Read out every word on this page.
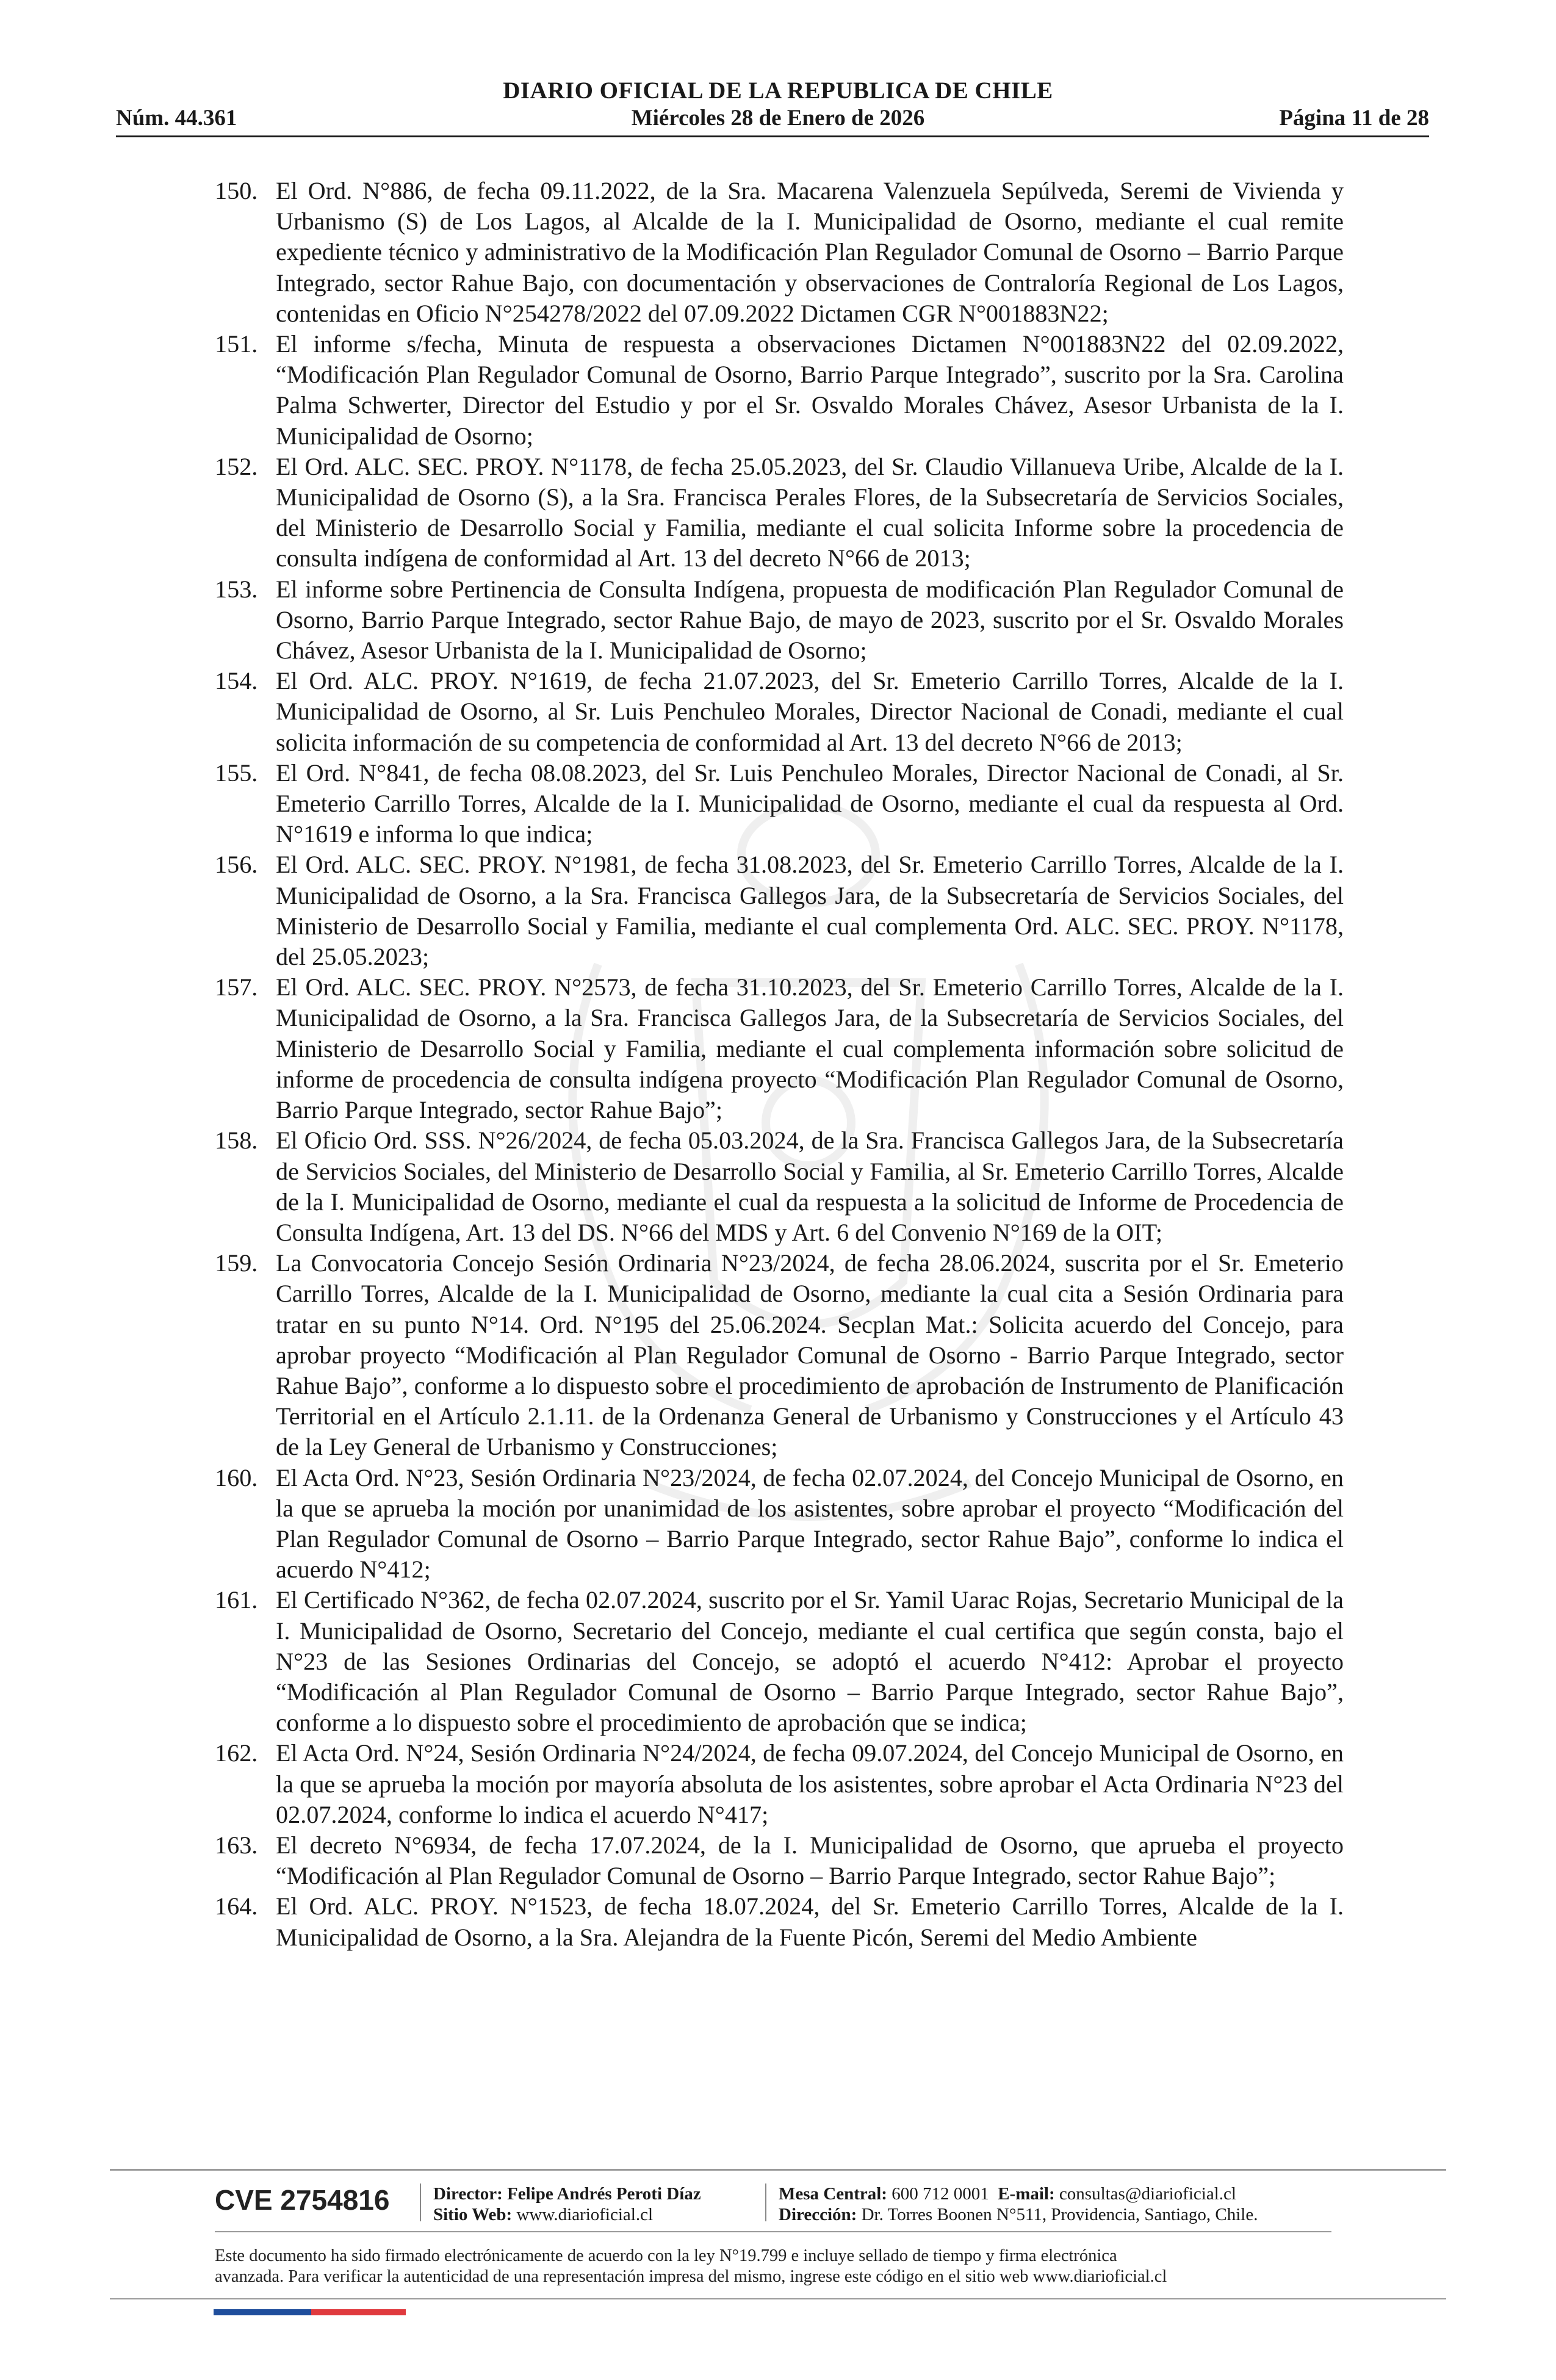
DIARIO OFICIAL DE LA REPUBLICA DE CHILE
Núm. 44.361	Miércoles 28 de Enero de 2026	Página 11 de 28
150. El Ord. N°886, de fecha 09.11.2022, de la Sra. Macarena Valenzuela Sepúlveda, Seremi de Vivienda y Urbanismo (S) de Los Lagos, al Alcalde de la I. Municipalidad de Osorno, mediante el cual remite expediente técnico y administrativo de la Modificación Plan Regulador Comunal de Osorno – Barrio Parque Integrado, sector Rahue Bajo, con documentación y observaciones de Contraloría Regional de Los Lagos, contenidas en Oficio N°254278/2022 del 07.09.2022 Dictamen CGR N°001883N22;
151. El informe s/fecha, Minuta de respuesta a observaciones Dictamen N°001883N22 del 02.09.2022, “Modificación Plan Regulador Comunal de Osorno, Barrio Parque Integrado”, suscrito por la Sra. Carolina Palma Schwerter, Director del Estudio y por el Sr. Osvaldo Morales Chávez, Asesor Urbanista de la I. Municipalidad de Osorno;
152. El Ord. ALC. SEC. PROY. N°1178, de fecha 25.05.2023, del Sr. Claudio Villanueva Uribe, Alcalde de la I. Municipalidad de Osorno (S), a la Sra. Francisca Perales Flores, de la Subsecretaría de Servicios Sociales, del Ministerio de Desarrollo Social y Familia, mediante el cual solicita Informe sobre la procedencia de consulta indígena de conformidad al Art. 13 del decreto N°66 de 2013;
153. El informe sobre Pertinencia de Consulta Indígena, propuesta de modificación Plan Regulador Comunal de Osorno, Barrio Parque Integrado, sector Rahue Bajo, de mayo de 2023, suscrito por el Sr. Osvaldo Morales Chávez, Asesor Urbanista de la I. Municipalidad de Osorno;
154. El Ord. ALC. PROY. N°1619, de fecha 21.07.2023, del Sr. Emeterio Carrillo Torres, Alcalde de la I. Municipalidad de Osorno, al Sr. Luis Penchuleo Morales, Director Nacional de Conadi, mediante el cual solicita información de su competencia de conformidad al Art. 13 del decreto N°66 de 2013;
155. El Ord. N°841, de fecha 08.08.2023, del Sr. Luis Penchuleo Morales, Director Nacional de Conadi, al Sr. Emeterio Carrillo Torres, Alcalde de la I. Municipalidad de Osorno, mediante el cual da respuesta al Ord. N°1619 e informa lo que indica;
156. El Ord. ALC. SEC. PROY. N°1981, de fecha 31.08.2023, del Sr. Emeterio Carrillo Torres, Alcalde de la I. Municipalidad de Osorno, a la Sra. Francisca Gallegos Jara, de la Subsecretaría de Servicios Sociales, del Ministerio de Desarrollo Social y Familia, mediante el cual complementa Ord. ALC. SEC. PROY. N°1178, del 25.05.2023;
157. El Ord. ALC. SEC. PROY. N°2573, de fecha 31.10.2023, del Sr. Emeterio Carrillo Torres, Alcalde de la I. Municipalidad de Osorno, a la Sra. Francisca Gallegos Jara, de la Subsecretaría de Servicios Sociales, del Ministerio de Desarrollo Social y Familia, mediante el cual complementa información sobre solicitud de informe de procedencia de consulta indígena proyecto “Modificación Plan Regulador Comunal de Osorno, Barrio Parque Integrado, sector Rahue Bajo”;
158. El Oficio Ord. SSS. N°26/2024, de fecha 05.03.2024, de la Sra. Francisca Gallegos Jara, de la Subsecretaría de Servicios Sociales, del Ministerio de Desarrollo Social y Familia, al Sr. Emeterio Carrillo Torres, Alcalde de la I. Municipalidad de Osorno, mediante el cual da respuesta a la solicitud de Informe de Procedencia de Consulta Indígena, Art. 13 del DS. N°66 del MDS y Art. 6 del Convenio N°169 de la OIT;
159. La Convocatoria Concejo Sesión Ordinaria N°23/2024, de fecha 28.06.2024, suscrita por el Sr. Emeterio Carrillo Torres, Alcalde de la I. Municipalidad de Osorno, mediante la cual cita a Sesión Ordinaria para tratar en su punto N°14. Ord. N°195 del 25.06.2024. Secplan Mat.: Solicita acuerdo del Concejo, para aprobar proyecto “Modificación al Plan Regulador Comunal de Osorno - Barrio Parque Integrado, sector Rahue Bajo”, conforme a lo dispuesto sobre el procedimiento de aprobación de Instrumento de Planificación Territorial en el Artículo 2.1.11. de la Ordenanza General de Urbanismo y Construcciones y el Artículo 43 de la Ley General de Urbanismo y Construcciones;
160. El Acta Ord. N°23, Sesión Ordinaria N°23/2024, de fecha 02.07.2024, del Concejo Municipal de Osorno, en la que se aprueba la moción por unanimidad de los asistentes, sobre aprobar el proyecto “Modificación del Plan Regulador Comunal de Osorno – Barrio Parque Integrado, sector Rahue Bajo”, conforme lo indica el acuerdo N°412;
161. El Certificado N°362, de fecha 02.07.2024, suscrito por el Sr. Yamil Uarac Rojas, Secretario Municipal de la I. Municipalidad de Osorno, Secretario del Concejo, mediante el cual certifica que según consta, bajo el N°23 de las Sesiones Ordinarias del Concejo, se adoptó el acuerdo N°412: Aprobar el proyecto “Modificación al Plan Regulador Comunal de Osorno – Barrio Parque Integrado, sector Rahue Bajo”, conforme a lo dispuesto sobre el procedimiento de aprobación que se indica;
162. El Acta Ord. N°24, Sesión Ordinaria N°24/2024, de fecha 09.07.2024, del Concejo Municipal de Osorno, en la que se aprueba la moción por mayoría absoluta de los asistentes, sobre aprobar el Acta Ordinaria N°23 del 02.07.2024, conforme lo indica el acuerdo N°417;
163. El decreto N°6934, de fecha 17.07.2024, de la I. Municipalidad de Osorno, que aprueba el proyecto “Modificación al Plan Regulador Comunal de Osorno – Barrio Parque Integrado, sector Rahue Bajo”;
164. El Ord. ALC. PROY. N°1523, de fecha 18.07.2024, del Sr. Emeterio Carrillo Torres, Alcalde de la I. Municipalidad de Osorno, a la Sra. Alejandra de la Fuente Picón, Seremi del Medio Ambiente
CVE 2754816 Director: Felipe Andrés Peroti Díaz
Sitio Web: www.diarioficial.cl
Mesa Central: 600 712 0001 E-mail: consultas@diarioficial.cl
Dirección: Dr. Torres Boonen N°511, Providencia, Santiago, Chile.
Este documento ha sido firmado electrónicamente de acuerdo con la ley N°19.799 e incluye sellado de tiempo y firma electrónica
avanzada. Para verificar la autenticidad de una representación impresa del mismo, ingrese este código en el sitio web www.diarioficial.cl
